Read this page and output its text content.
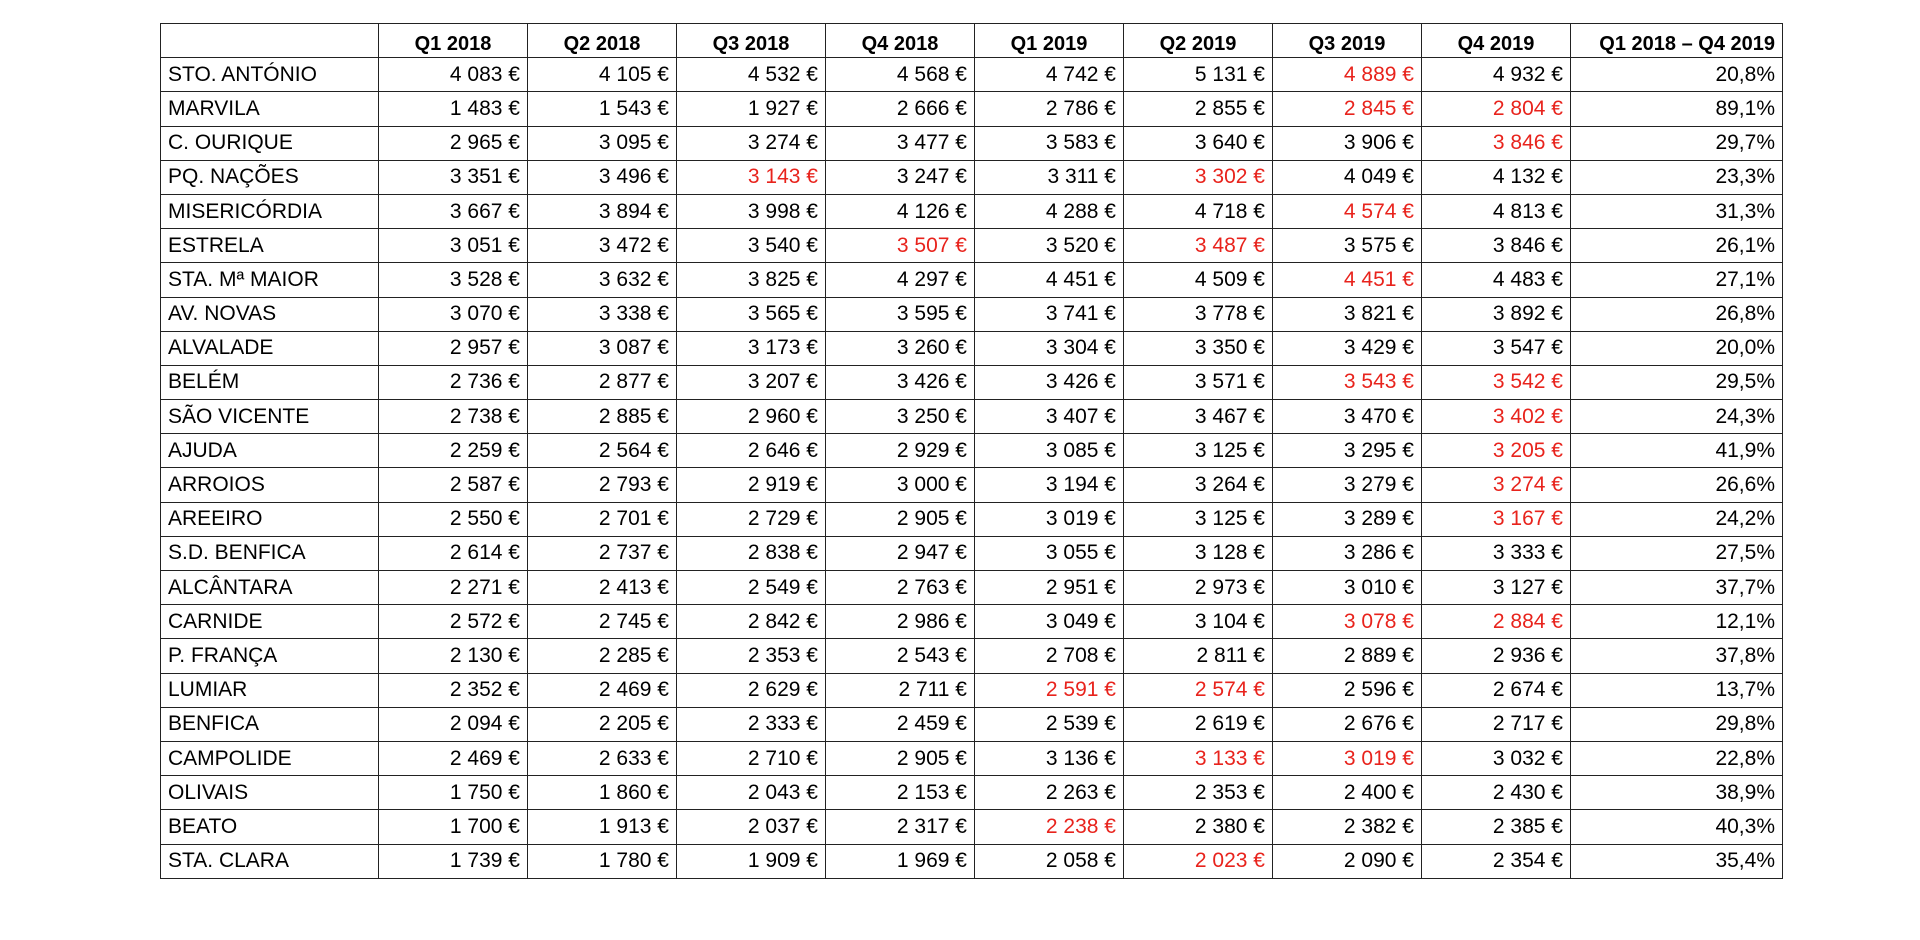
	Q1 2018	Q2 2018	Q3 2018	Q4 2018	Q1 2019	Q2 2019	Q3 2019	Q4 2019	Q1 2018 – Q4 2019
STO. ANTÓNIO	4 083 €	4 105 €	4 532 €	4 568 €	4 742 €	5 131 €	4 889 €	4 932 €	20,8%
MARVILA	1 483 €	1 543 €	1 927 €	2 666 €	2 786 €	2 855 €	2 845 €	2 804 €	89,1%
C. OURIQUE	2 965 €	3 095 €	3 274 €	3 477 €	3 583 €	3 640 €	3 906 €	3 846 €	29,7%
PQ. NAÇÕES	3 351 €	3 496 €	3 143 €	3 247 €	3 311 €	3 302 €	4 049 €	4 132 €	23,3%
MISERICÓRDIA	3 667 €	3 894 €	3 998 €	4 126 €	4 288 €	4 718 €	4 574 €	4 813 €	31,3%
ESTRELA	3 051 €	3 472 €	3 540 €	3 507 €	3 520 €	3 487 €	3 575 €	3 846 €	26,1%
STA. Mª MAIOR	3 528 €	3 632 €	3 825 €	4 297 €	4 451 €	4 509 €	4 451 €	4 483 €	27,1%
AV. NOVAS	3 070 €	3 338 €	3 565 €	3 595 €	3 741 €	3 778 €	3 821 €	3 892 €	26,8%
ALVALADE	2 957 €	3 087 €	3 173 €	3 260 €	3 304 €	3 350 €	3 429 €	3 547 €	20,0%
BELÉM	2 736 €	2 877 €	3 207 €	3 426 €	3 426 €	3 571 €	3 543 €	3 542 €	29,5%
SÃO VICENTE	2 738 €	2 885 €	2 960 €	3 250 €	3 407 €	3 467 €	3 470 €	3 402 €	24,3%
AJUDA	2 259 €	2 564 €	2 646 €	2 929 €	3 085 €	3 125 €	3 295 €	3 205 €	41,9%
ARROIOS	2 587 €	2 793 €	2 919 €	3 000 €	3 194 €	3 264 €	3 279 €	3 274 €	26,6%
AREEIRO	2 550 €	2 701 €	2 729 €	2 905 €	3 019 €	3 125 €	3 289 €	3 167 €	24,2%
S.D. BENFICA	2 614 €	2 737 €	2 838 €	2 947 €	3 055 €	3 128 €	3 286 €	3 333 €	27,5%
ALCÂNTARA	2 271 €	2 413 €	2 549 €	2 763 €	2 951 €	2 973 €	3 010 €	3 127 €	37,7%
CARNIDE	2 572 €	2 745 €	2 842 €	2 986 €	3 049 €	3 104 €	3 078 €	2 884 €	12,1%
P. FRANÇA	2 130 €	2 285 €	2 353 €	2 543 €	2 708 €	2 811 €	2 889 €	2 936 €	37,8%
LUMIAR	2 352 €	2 469 €	2 629 €	2 711 €	2 591 €	2 574 €	2 596 €	2 674 €	13,7%
BENFICA	2 094 €	2 205 €	2 333 €	2 459 €	2 539 €	2 619 €	2 676 €	2 717 €	29,8%
CAMPOLIDE	2 469 €	2 633 €	2 710 €	2 905 €	3 136 €	3 133 €	3 019 €	3 032 €	22,8%
OLIVAIS	1 750 €	1 860 €	2 043 €	2 153 €	2 263 €	2 353 €	2 400 €	2 430 €	38,9%
BEATO	1 700 €	1 913 €	2 037 €	2 317 €	2 238 €	2 380 €	2 382 €	2 385 €	40,3%
STA. CLARA	1 739 €	1 780 €	1 909 €	1 969 €	2 058 €	2 023 €	2 090 €	2 354 €	35,4%
